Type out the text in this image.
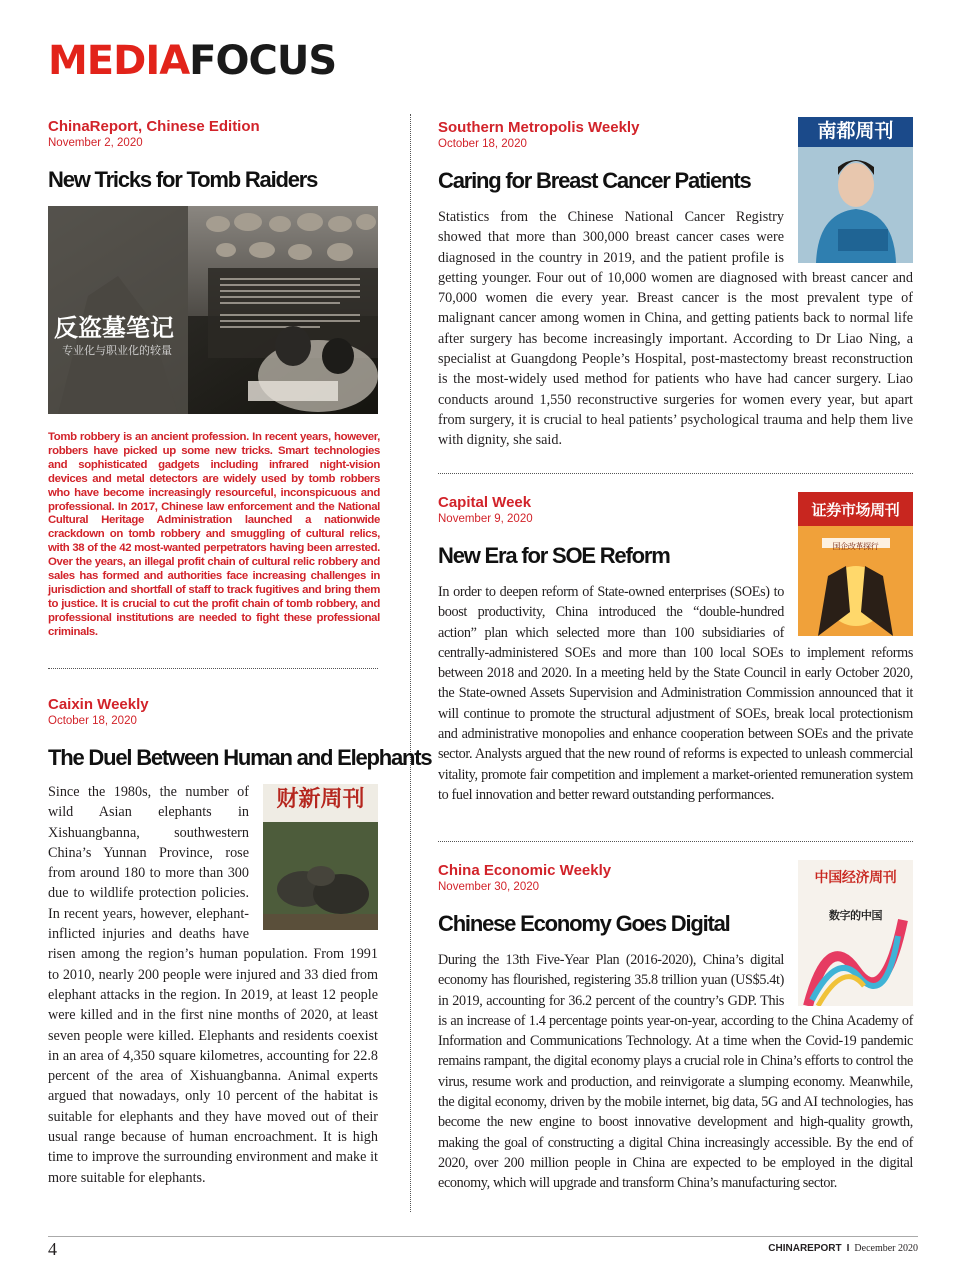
MEDIAFOCUS
ChinaReport, Chinese Edition
November 2, 2020
New Tricks for Tomb Raiders
反盗墓笔记
专业化与职业化的较量

Tomb robbery is an ancient profession. In recent years, however, robbers have picked up some new tricks. Smart technologies and sophisticated gadgets including infrared night-vision devices and metal detectors are widely used by tomb robbers who have become increasingly resourceful, inconspicuous and professional. In 2017, Chinese law enforcement and the National Cultural Heritage Administration launched a nationwide crackdown on tomb robbery and smuggling of cultural relics, with 38 of the 42 most-wanted perpetrators having been arrested. Over the years, an illegal profit chain of cultural relic robbery and sales has formed and authorities face increasing challenges in jurisdiction and shortfall of staff to track fugitives and bring them to justice. It is crucial to cut the profit chain of tomb robbery, and professional institutions are needed to fight these professional criminals.

Caixin Weekly
October 18, 2020
The Duel Between Human and Elephants
财新周刊
Since the 1980s, the number of wild Asian elephants in Xishuangbanna, southwestern China’s Yunnan Province, rose from around 180 to more than 300 due to wildlife protection policies. In recent years, however, elephant-inflicted injuries and deaths have risen among the region’s human population. From 1991 to 2010, nearly 200 people were injured and 33 died from elephant attacks in the region. In 2019, at least 12 people were killed and in the first nine months of 2020, at least seven people were killed. Elephants and residents coexist in an area of 4,350 square kilometres, accounting for 22.8 percent of the area of Xishuangbanna. Animal experts argued that nowadays, only 10 percent of the habitat is suitable for elephants and they have moved out of their usual range because of human encroachment. It is high time to improve the surrounding environment and make it more suitable for elephants.
Southern Metropolis Weekly
October 18, 2020
Caring for Breast Cancer Patients
南都周刊
Statistics from the Chinese National Cancer Registry showed that more than 300,000 breast cancer cases were diagnosed in the country in 2019, and the patient profile is getting younger. Four out of 10,000 women are diagnosed with breast cancer and 70,000 women die every year. Breast cancer is the most prevalent type of malignant cancer among women in China, and getting patients back to normal life after surgery has become increasingly important. According to Dr Liao Ning, a specialist at Guangdong People’s Hospital, post-mastectomy breast reconstruction is the most-widely used method for patients who have had cancer surgery. Liao conducts around 1,550 reconstructive surgeries for women every year, but apart from surgery, it is crucial to heal patients’ psychological trauma and help them live with dignity, she said.
Capital Week
November 9, 2020
New Era for SOE Reform
证券市场周刊
国企改革探行
In order to deepen reform of State-owned enterprises (SOEs) to boost productivity, China introduced the “double-hundred action” plan which selected more than 100 subsidiaries of centrally-administered SOEs and more than 100 local SOEs to implement reforms between 2018 and 2020. In a meeting held by the State Council in early October 2020, the State-owned Assets Supervision and Administration Commission announced that it will continue to promote the structural adjustment of SOEs, break local protectionism and administrative monopolies and enhance cooperation between SOEs and the private sector. Analysts argued that the new round of reforms is expected to unleash commercial vitality, promote fair competition and implement a market-oriented remuneration system to fuel innovation and better reward outstanding performances.
China Economic Weekly
November 30, 2020
Chinese Economy Goes Digital
中国经济周刊
数字的中国
During the 13th Five-Year Plan (2016-2020), China’s digital economy has flourished, registering 35.8 trillion yuan (US$5.4t) in 2019, accounting for 36.2 percent of the country’s GDP. This is an increase of 1.4 percentage points year-on-year, according to the China Academy of Information and Communications Technology. At a time when the Covid-19 pandemic remains rampant, the digital economy plays a crucial role in China’s efforts to control the virus, resume work and production, and reinvigorate a slumping economy. Meanwhile, the digital economy, driven by the mobile internet, big data, 5G and AI technologies, has become the new engine to boost innovative development and high-quality growth, making the goal of constructing a digital China increasingly accessible. By the end of 2020, over 200 million people in China are expected to be employed in the digital economy, which will upgrade and transform China’s manufacturing sector.
4	CHINAREPORT I December 2020
